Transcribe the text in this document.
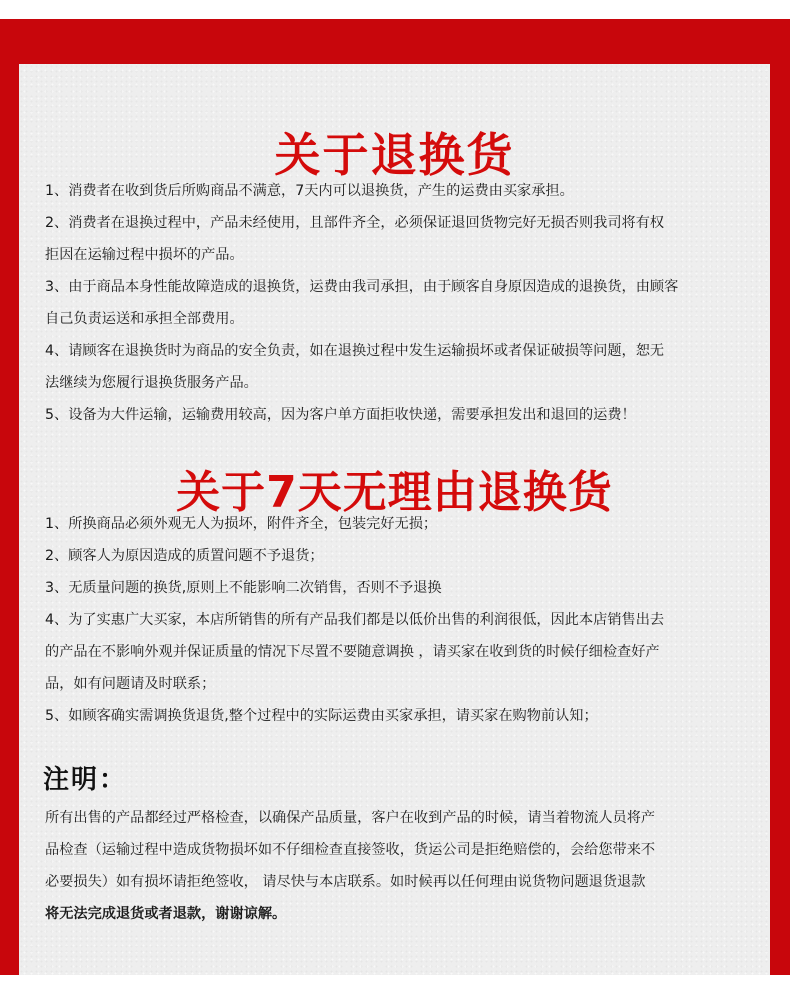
关于退换货
1、消费者在收到货后所购商品不满意，7天内可以退换货，产生的运费由买家承担。
2、消费者在退换过程中，产品未经使用，且部件齐全，必须保证退回货物完好无损否则我司将有权
拒因在运输过程中损坏的产品。
3、由于商品本身性能故障造成的退换货，运费由我司承担，由于顾客自身原因造成的退换货，由顾客
自己负责运送和承担全部费用。
4、请顾客在退换货时为商品的安全负责，如在退换过程中发生运输损坏或者保证破损等问题，恕无
法继续为您履行退换货服务产品。
5、设备为大件运输，运输费用较高，因为客户单方面拒收快递，需要承担发出和退回的运费！
关于7天无理由退换货
1、所换商品必须外观无人为损坏，附件齐全，包装完好无损；
2、顾客人为原因造成的质置问题不予退货；
3、无质量问题的换货,原则上不能影响二次销售，否则不予退换
4、为了实惠广大买家，本店所销售的所有产品我们都是以低价出售的利润很低，因此本店销售出去
的产品在不影响外观并保证质量的情况下尽置不要随意调换 ，请买家在收到货的时候仔细检查好产
品，如有问题请及时联系；
5、如顾客确实需调换货退货,整个过程中的实际运费由买家承担，请买家在购物前认知；
注明：
所有出售的产品都经过严格检查，以确保产品质量，客户在收到产品的时候，请当着物流人员将产
品检查（运输过程中造成货物损坏如不仔细检查直接签收，货运公司是拒绝赔偿的，会给您带来不
必要损失）如有损坏请拒绝签收， 请尽快与本店联系。如时候再以任何理由说货物问题退货退款
将无法完成退货或者退款，谢谢谅解。
